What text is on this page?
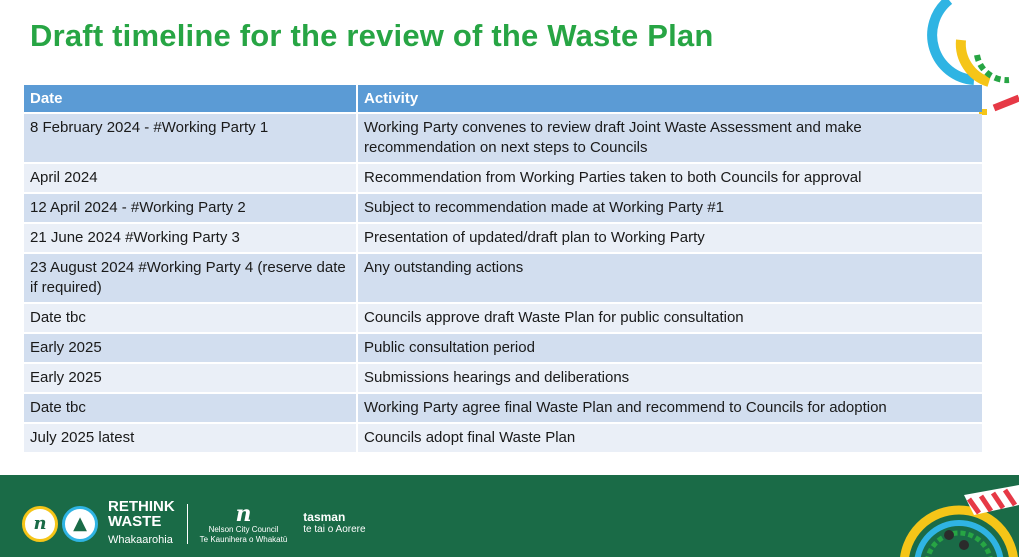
Draft timeline for the review of the Waste Plan
Date	Activity
8 February 2024 - #Working Party 1	Working Party convenes to review draft Joint Waste Assessment and make recommendation on next steps to Councils
April 2024	Recommendation from Working Parties taken to both Councils for approval
12 April 2024 - #Working Party 2	Subject to recommendation made at Working Party #1
21 June 2024 #Working Party 3	Presentation of updated/draft plan to Working Party
23 August 2024 #Working Party 4 (reserve date if required)	Any outstanding actions
Date tbc	Councils approve draft Waste Plan for public consultation
Early 2025	Public consultation period
Early 2025	Submissions hearings and deliberations
Date tbc	Working Party agree final Waste Plan and recommend to Councils for adoption
July 2025 latest	Councils adopt final Waste Plan
n ▲
RETHINK
WASTE
Whakaarohia
n
Nelson City Council
Te Kaunihera o Whakatū
tasman
te tai o Aorere
